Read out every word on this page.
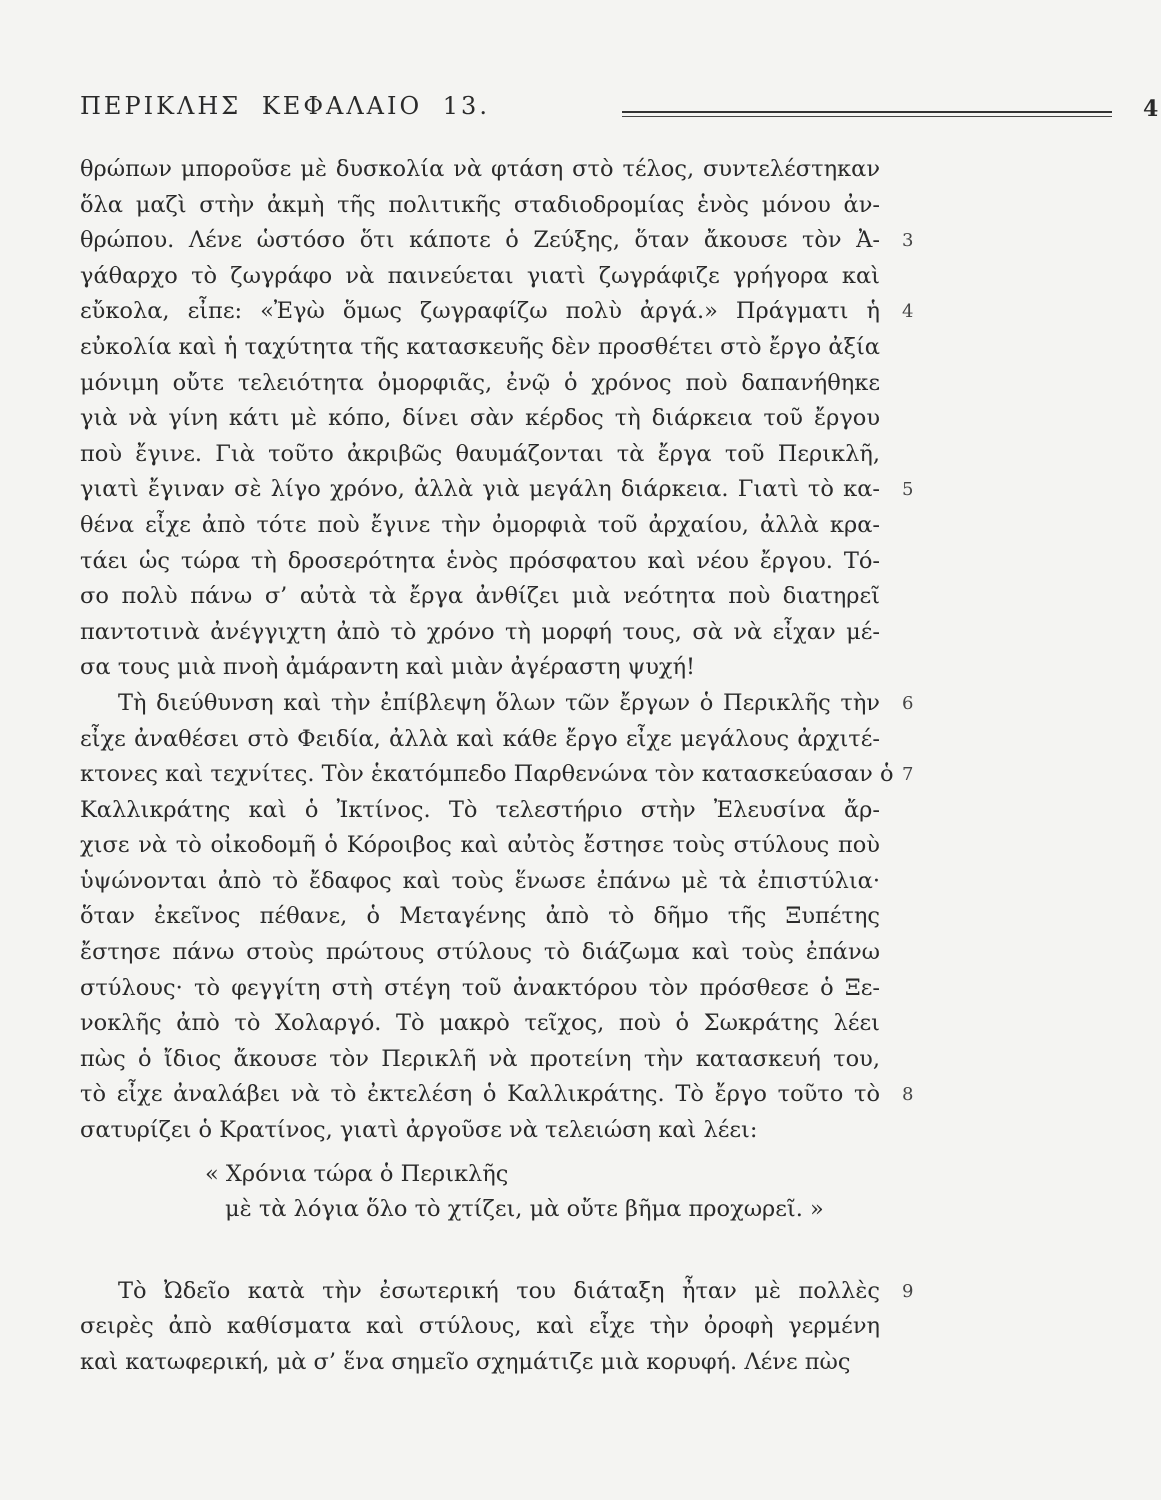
ΠΕΡΙΚΛΗΣ ΚΕΦΑΛΑΙΟ 13.	4
θρώπων μποροῦσε μὲ δυσκολία νὰ φτάση στὸ τέλος, συντελέστηκαν
ὅλα μαζὶ στὴν ἀκμὴ τῆς πολιτικῆς σταδιοδρομίας ἑνὸς μόνου ἀν-
θρώπου. Λένε ὡστόσο ὅτι κάποτε ὁ Ζεύξης, ὅταν ἄκουσε τὸν Ἀ- 3
γάθαρχο τὸ ζωγράφο νὰ παινεύεται γιατὶ ζωγράφιζε γρήγορα καὶ
εὔκολα, εἶπε: «Ἐγὼ ὅμως ζωγραφίζω πολὺ ἀργά.» Πράγματι ἡ 4
εὐκολία καὶ ἡ ταχύτητα τῆς κατασκευῆς δὲν προσθέτει στὸ ἔργο ἀξία
μόνιμη οὔτε τελειότητα ὀμορφιᾶς, ἐνῷ ὁ χρόνος ποὺ δαπανήθηκε
γιὰ νὰ γίνη κάτι μὲ κόπο, δίνει σὰν κέρδος τὴ διάρκεια τοῦ ἔργου
ποὺ ἔγινε. Γιὰ τοῦτο ἀκριβῶς θαυμάζονται τὰ ἔργα τοῦ Περικλῆ,
γιατὶ ἔγιναν σὲ λίγο χρόνο, ἀλλὰ γιὰ μεγάλη διάρκεια. Γιατὶ τὸ κα- 5
θένα εἶχε ἀπὸ τότε ποὺ ἔγινε τὴν ὀμορφιὰ τοῦ ἀρχαίου, ἀλλὰ κρα-
τάει ὡς τώρα τὴ δροσερότητα ἑνὸς πρόσφατου καὶ νέου ἔργου. Τό-
σο πολὺ πάνω σ’ αὐτὰ τὰ ἔργα ἀνθίζει μιὰ νεότητα ποὺ διατηρεῖ
παντοτινὰ ἀνέγγιχτη ἀπὸ τὸ χρόνο τὴ μορφή τους, σὰ νὰ εἶχαν μέ-
σα τους μιὰ πνοὴ ἀμάραντη καὶ μιὰν ἀγέραστη ψυχή!
Τὴ διεύθυνση καὶ τὴν ἐπίβλεψη ὅλων τῶν ἔργων ὁ Περικλῆς τὴν 6
εἶχε ἀναθέσει στὸ Φειδία, ἀλλὰ καὶ κάθε ἔργο εἶχε μεγάλους ἀρχιτέ-
κτονες καὶ τεχνίτες. Τὸν ἑκατόμπεδο Παρθενώνα τὸν κατασκεύασαν ὁ 7
Καλλικράτης καὶ ὁ Ἰκτίνος. Τὸ τελεστήριο στὴν Ἐλευσίνα ἄρ-
χισε νὰ τὸ οἰκοδομῆ ὁ Κόροιβος καὶ αὐτὸς ἔστησε τοὺς στύλους ποὺ
ὑψώνονται ἀπὸ τὸ ἔδαφος καὶ τοὺς ἕνωσε ἐπάνω μὲ τὰ ἐπιστύλια·
ὅταν ἐκεῖνος πέθανε, ὁ Μεταγένης ἀπὸ τὸ δῆμο τῆς Ξυπέτης
ἔστησε πάνω στοὺς πρώτους στύλους τὸ διάζωμα καὶ τοὺς ἐπάνω
στύλους· τὸ φεγγίτη στὴ στέγη τοῦ ἀνακτόρου τὸν πρόσθεσε ὁ Ξε-
νοκλῆς ἀπὸ τὸ Χολαργό. Τὸ μακρὸ τεῖχος, ποὺ ὁ Σωκράτης λέει
πὼς ὁ ἴδιος ἄκουσε τὸν Περικλῆ νὰ προτείνη τὴν κατασκευή του,
τὸ εἶχε ἀναλάβει νὰ τὸ ἐκτελέση ὁ Καλλικράτης. Τὸ ἔργο τοῦτο τὸ 8
σατυρίζει ὁ Κρατίνος, γιατὶ ἀργοῦσε νὰ τελειώση καὶ λέει:
« Χρόνια τώρα ὁ Περικλῆς
μὲ τὰ λόγια ὅλο τὸ χτίζει, μὰ οὔτε βῆμα προχωρεῖ. »
Τὸ Ὠδεῖο κατὰ τὴν ἐσωτερική του διάταξη ἦταν μὲ πολλὲς 9
σειρὲς ἀπὸ καθίσματα καὶ στύλους, καὶ εἶχε τὴν ὀροφὴ γερμένη
καὶ κατωφερική, μὰ σ’ ἕνα σημεῖο σχημάτιζε μιὰ κορυφή. Λένε πὼς
